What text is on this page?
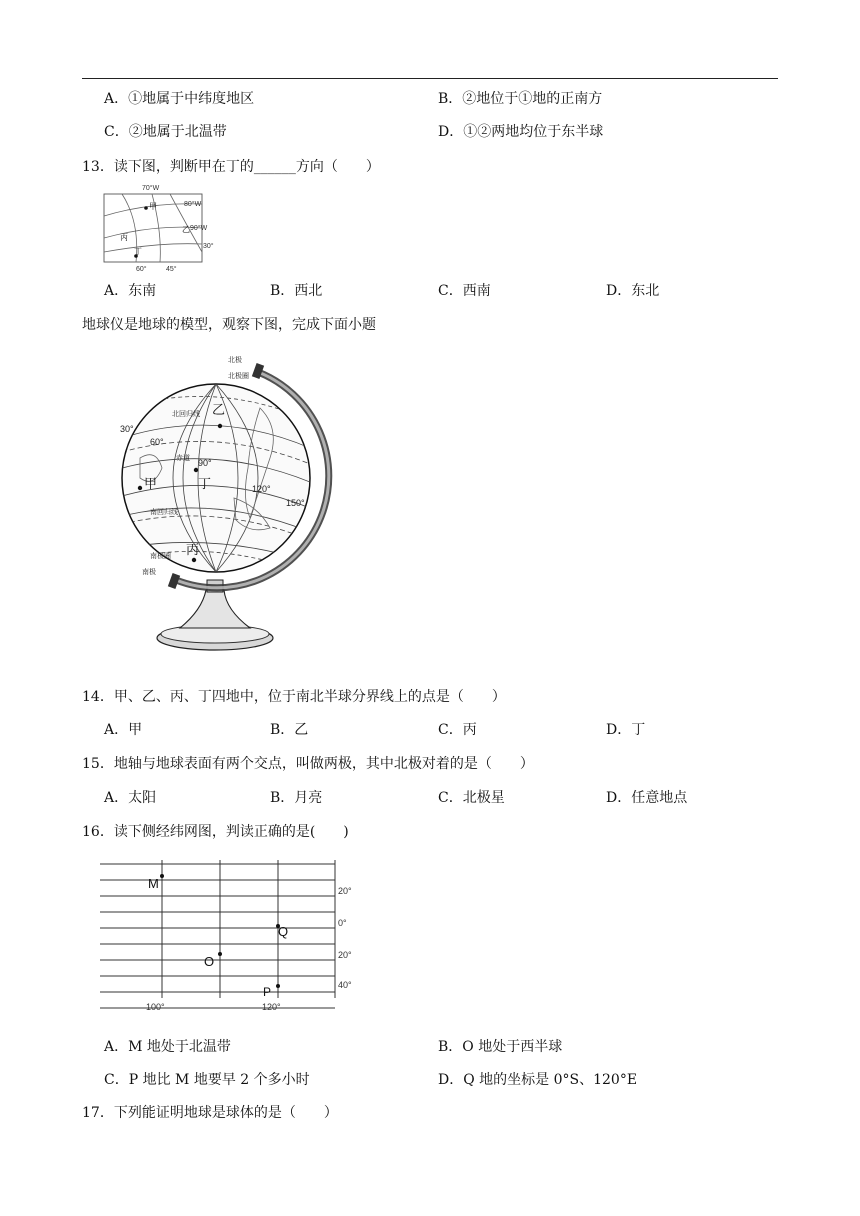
A．①地属于中纬度地区	B．②地位于①地的正南方
C．②地属于北温带	D．①②两地均位于东半球
13．读下图，判断甲在丁的______方向（　　）
70°W
80°W
90°W
30°
60°	45°
甲
乙
丙
丁
A．东南	B．西北	C．西南	D．东北
地球仪是地球的模型，观察下图，完成下面小题
北极
北极圈
北回归线
赤道
南回归线
南极圈
南极
乙
丁
甲
丙
30°
60°
90°
120°
150°
14．甲、乙、丙、丁四地中，位于南北半球分界线上的点是（　　）
A．甲	B．乙	C．丙	D．丁
15．地轴与地球表面有两个交点，叫做两极，其中北极对着的是（　　）
A．太阳	B．月亮	C．北极星	D．任意地点
16．读下侧经纬网图，判读正确的是(　　)
M
Q
O
P
20°
0°
20°
40°
100°	120°
A．M 地处于北温带	B．O 地处于西半球
C．P 地比 M 地要早 2 个多小时	D．Q 地的坐标是 0°S、120°E
17．下列能证明地球是球体的是（　　）
